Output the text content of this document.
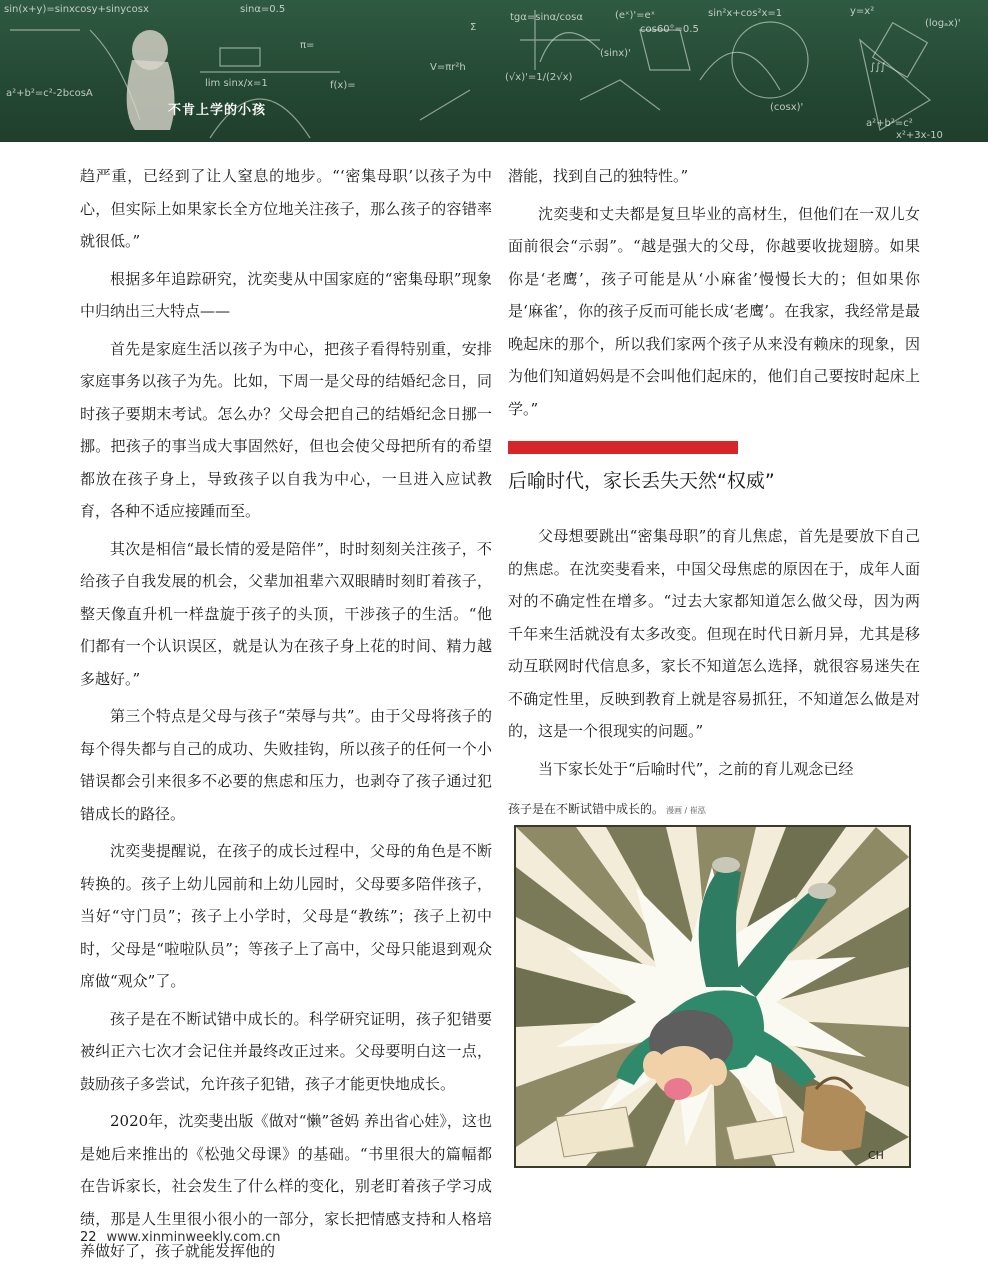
sin(x+y)=sinxcosy+sinycosx
a²+b²=c²-2bcosA
sinα=0.5
tgα=sinα/cosα	(eˣ)'=eˣ
cos60°=0.5
sin²x+cos²x=1	y=x²
(logₐx)'
lim sinx/x=1
π=
f(x)=
(sinx)'
(√x)'=1/(2√x)
(cosx)'
a²+b²=c²
x²+3x-10
Σ
∫∫∫
V=πr²h
不肯上学的小孩

趋严重，已经到了让人窒息的地步。“‘密集母职’以孩子为中心，但实际上如果家长全方位地关注孩子，那么孩子的容错率就很低。”

根据多年追踪研究，沈奕斐从中国家庭的“密集母职”现象中归纳出三大特点——

首先是家庭生活以孩子为中心，把孩子看得特别重，安排家庭事务以孩子为先。比如，下周一是父母的结婚纪念日，同时孩子要期末考试。怎么办？父母会把自己的结婚纪念日挪一挪。把孩子的事当成大事固然好，但也会使父母把所有的希望都放在孩子身上，导致孩子以自我为中心，一旦进入应试教育，各种不适应接踵而至。

其次是相信“最长情的爱是陪伴”，时时刻刻关注孩子，不给孩子自我发展的机会，父辈加祖辈六双眼睛时刻盯着孩子，整天像直升机一样盘旋于孩子的头顶，干涉孩子的生活。“他们都有一个认识误区，就是认为在孩子身上花的时间、精力越多越好。”

第三个特点是父母与孩子“荣辱与共”。由于父母将孩子的每个得失都与自己的成功、失败挂钩，所以孩子的任何一个小错误都会引来很多不必要的焦虑和压力，也剥夺了孩子通过犯错成长的路径。

沈奕斐提醒说，在孩子的成长过程中，父母的角色是不断转换的。孩子上幼儿园前和上幼儿园时，父母要多陪伴孩子，当好“守门员”；孩子上小学时，父母是“教练”；孩子上初中时，父母是“啦啦队员”；等孩子上了高中，父母只能退到观众席做“观众”了。

孩子是在不断试错中成长的。科学研究证明，孩子犯错要被纠正六七次才会记住并最终改正过来。父母要明白这一点，鼓励孩子多尝试，允许孩子犯错，孩子才能更快地成长。

2020年，沈奕斐出版《做对“懒”爸妈 养出省心娃》，这也是她后来推出的《松弛父母课》的基础。“书里很大的篇幅都在告诉家长，社会发生了什么样的变化，别老盯着孩子学习成绩，那是人生里很小很小的一部分，家长把情感支持和人格培养做好了，孩子就能发挥他的

潜能，找到自己的独特性。”

沈奕斐和丈夫都是复旦毕业的高材生，但他们在一双儿女面前很会“示弱”。“越是强大的父母，你越要收拢翅膀。如果你是‘老鹰’，孩子可能是从‘小麻雀’慢慢长大的；但如果你是‘麻雀’，你的孩子反而可能长成‘老鹰’。在我家，我经常是最晚起床的那个，所以我们家两个孩子从来没有赖床的现象，因为他们知道妈妈是不会叫他们起床的，他们自己要按时起床上学。”

后喻时代，家长丢失天然“权威”

父母想要跳出“密集母职”的育儿焦虑，首先是要放下自己的焦虑。在沈奕斐看来，中国父母焦虑的原因在于，成年人面对的不确定性在增多。“过去大家都知道怎么做父母，因为两千年来生活就没有太多改变。但现在时代日新月异，尤其是移动互联网时代信息多，家长不知道怎么选择，就很容易迷失在不确定性里，反映到教育上就是容易抓狂，不知道怎么做是对的，这是一个很现实的问题。”

当下家长处于“后喻时代”，之前的育儿观念已经

孩子是在不断试错中成长的。 漫画 / 崔泓
CH
22 www.xinminweekly.com.cn
